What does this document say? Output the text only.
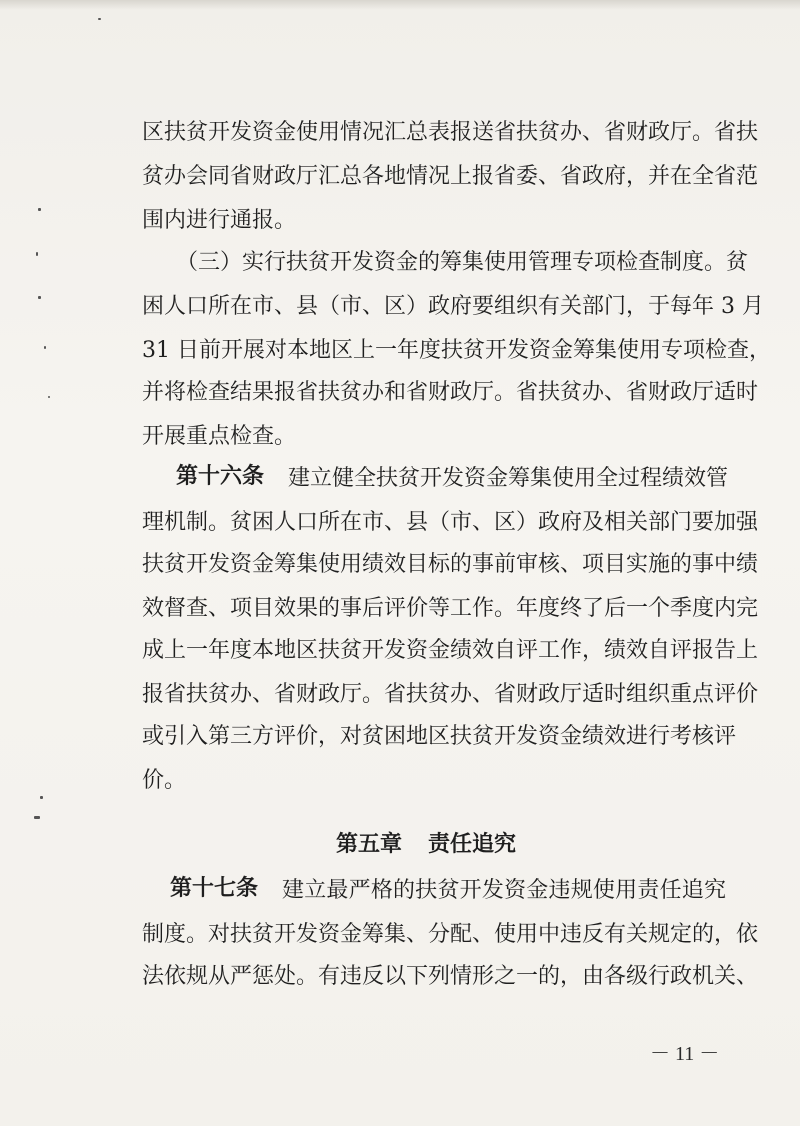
区扶贫开发资金使用情况汇总表报送省扶贫办、省财政厅。省扶
贫办会同省财政厅汇总各地情况上报省委、省政府，并在全省范
围内进行通报。
（三）实行扶贫开发资金的筹集使用管理专项检查制度。贫
困人口所在市、县（市、区）政府要组织有关部门，于每年 3 月
31 日前开展对本地区上一年度扶贫开发资金筹集使用专项检查，
并将检查结果报省扶贫办和省财政厅。省扶贫办、省财政厅适时
开展重点检查。
第十六条 建立健全扶贫开发资金筹集使用全过程绩效管
理机制。贫困人口所在市、县（市、区）政府及相关部门要加强
扶贫开发资金筹集使用绩效目标的事前审核、项目实施的事中绩
效督查、项目效果的事后评价等工作。年度终了后一个季度内完
成上一年度本地区扶贫开发资金绩效自评工作，绩效自评报告上
报省扶贫办、省财政厅。省扶贫办、省财政厅适时组织重点评价
或引入第三方评价，对贫困地区扶贫开发资金绩效进行考核评
价。
第五章 责任追究
第十七条 建立最严格的扶贫开发资金违规使用责任追究
制度。对扶贫开发资金筹集、分配、使用中违反有关规定的，依
法依规从严惩处。有违反以下列情形之一的，由各级行政机关、
－ 11 －
